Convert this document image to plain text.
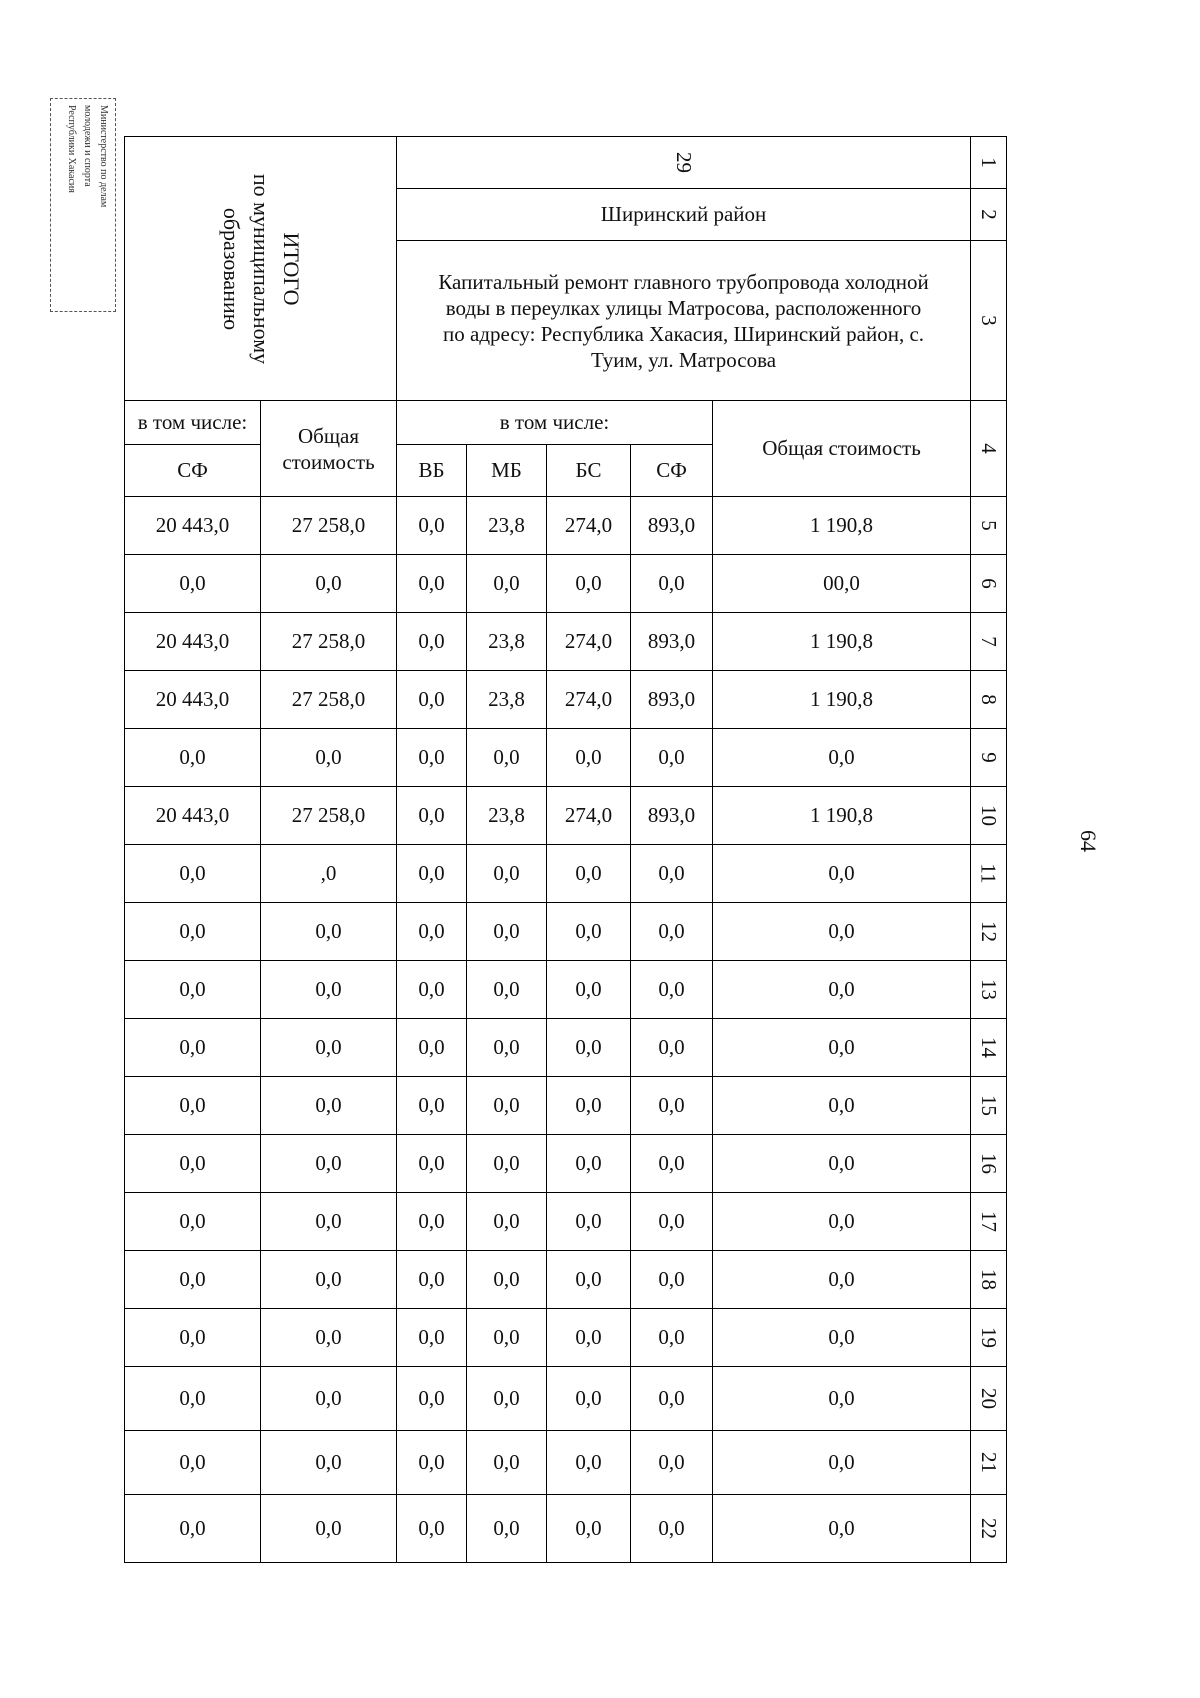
Министерство по делам
молодежи и спорта
Республики Хакасия
64
ИТОГО
по муниципальному
образованию		29					1
		Ширинский район					2

		Капитальный ремонт главного трубопровода холодной воды в переулках улицы Матросова, расположенного по адресу: Республика Хакасия, Ширинский район, с. Туим, ул. Матросова					3
в том числе:	Общая стоимость	в том числе:				Общая стоимость	4
СФ		ВБ	МБ	БС	СФ		
20 443,0	27 258,0	0,0	23,8	274,0	893,0	1 190,8	5
0,0	0,0	0,0	0,0	0,0	0,0	00,0	6
20 443,0	27 258,0	0,0	23,8	274,0	893,0	1 190,8	7
20 443,0	27 258,0	0,0	23,8	274,0	893,0	1 190,8	8
0,0	0,0	0,0	0,0	0,0	0,0	0,0	9
20 443,0	27 258,0	0,0	23,8	274,0	893,0	1 190,8	10
0,0	,0	0,0	0,0	0,0	0,0	0,0	11
0,0	0,0	0,0	0,0	0,0	0,0	0,0	12
0,0	0,0	0,0	0,0	0,0	0,0	0,0	13
0,0	0,0	0,0	0,0	0,0	0,0	0,0	14
0,0	0,0	0,0	0,0	0,0	0,0	0,0	15
0,0	0,0	0,0	0,0	0,0	0,0	0,0	16
0,0	0,0	0,0	0,0	0,0	0,0	0,0	17
0,0	0,0	0,0	0,0	0,0	0,0	0,0	18
0,0	0,0	0,0	0,0	0,0	0,0	0,0	19
0,0	0,0	0,0	0,0	0,0	0,0	0,0	20
0,0	0,0	0,0	0,0	0,0	0,0	0,0	21
0,0	0,0	0,0	0,0	0,0	0,0	0,0	22
